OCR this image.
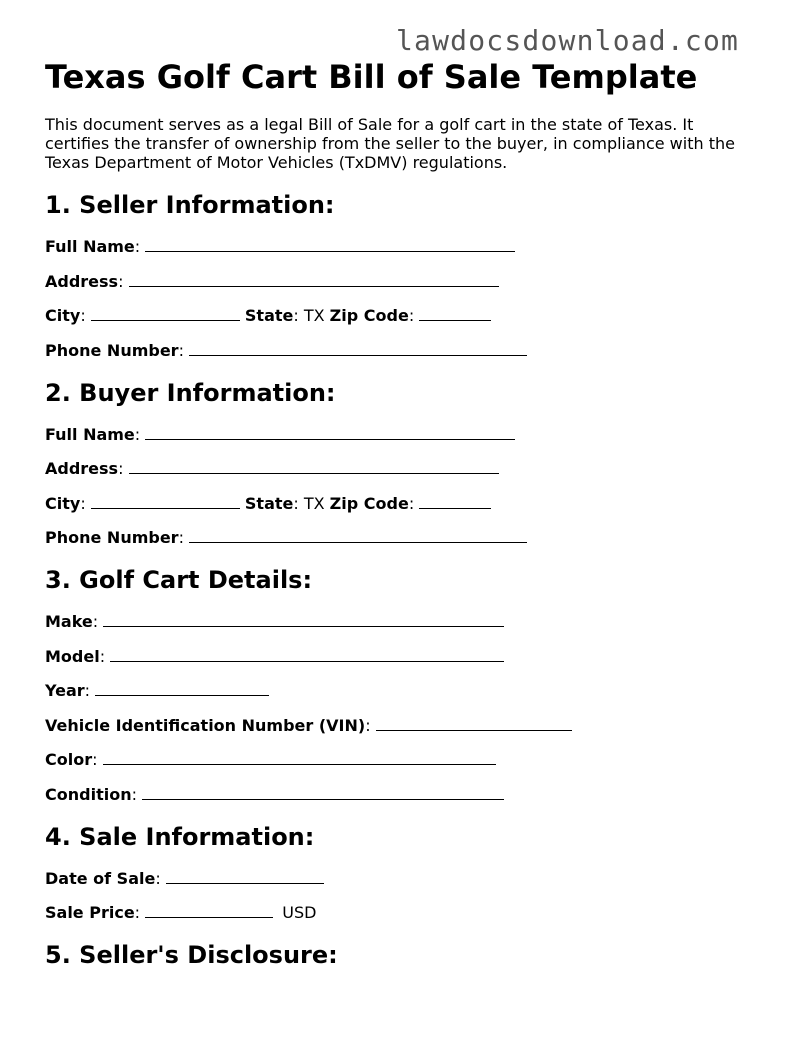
lawdocsdownload.com
Texas Golf Cart Bill of Sale Template

This document serves as a legal Bill of Sale for a golf cart in the state of Texas. It certifies the transfer of ownership from the seller to the buyer, in compliance with the Texas Department of Motor Vehicles (TxDMV) regulations.

1. Seller Information:
Full Name:
Address:
City:	State: TX Zip Code:
Phone Number:
2. Buyer Information:
Full Name:
Address:
City:	State: TX Zip Code:
Phone Number:
3. Golf Cart Details:
Make:
Model:
Year:
Vehicle Identification Number (VIN):
Color:
Condition:
4. Sale Information:
Date of Sale:
Sale Price:	USD
5. Seller's Disclosure:
